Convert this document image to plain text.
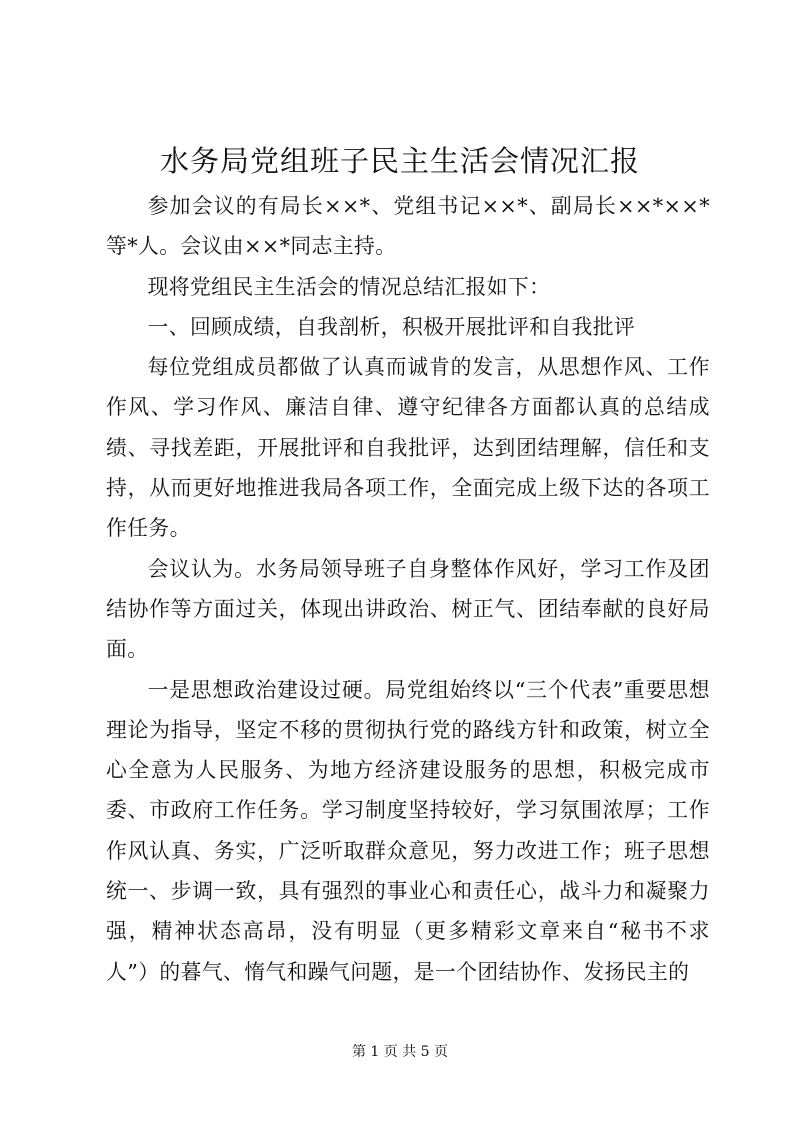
水务局党组班子民主生活会情况汇报

参加会议的有局长××*、党组书记××*、副局长××*××*等*人。会议由××*同志主持。

现将党组民主生活会的情况总结汇报如下：

一、回顾成绩，自我剖析，积极开展批评和自我批评

每位党组成员都做了认真而诚肯的发言，从思想作风、工作作风、学习作风、廉洁自律、遵守纪律各方面都认真的总结成绩、寻找差距，开展批评和自我批评，达到团结理解，信任和支持，从而更好地推进我局各项工作，全面完成上级下达的各项工作任务。

会议认为。水务局领导班子自身整体作风好，学习工作及团结协作等方面过关，体现出讲政治、树正气、团结奉献的良好局面。

一是思想政治建设过硬。局党组始终以“三个代表”重要思想理论为指导，坚定不移的贯彻执行党的路线方针和政策，树立全心全意为人民服务、为地方经济建设服务的思想，积极完成市委、市政府工作任务。学习制度坚持较好，学习氛围浓厚；工作作风认真、务实，广泛听取群众意见，努力改进工作；班子思想统一、步调一致，具有强烈的事业心和责任心，战斗力和凝聚力强，精神状态高昂，没有明显（更多精彩文章来自“秘书不求人”）的暮气、惰气和躁气问题，是一个团结协作、发扬民主的

第 1 页 共 5 页
